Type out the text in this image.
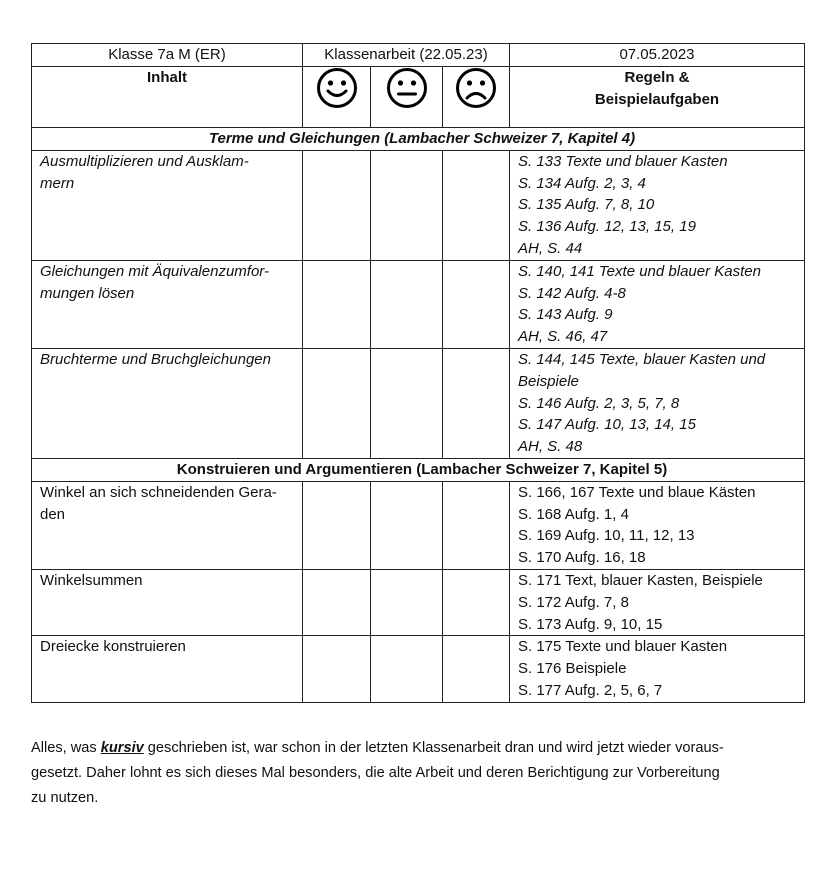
Klasse 7a M (ER)	Klassenarbeit (22.05.23)			07.05.2023
Inhalt				Regeln &
Beispielaufgaben

Terme und Gleichungen (Lambacher Schweizer 7, Kapitel 4)				

Ausmultiplizieren und Ausklam-
mern				S. 133 Texte und blauer Kasten
S. 134 Aufg. 2, 3, 4
S. 135 Aufg. 7, 8, 10
S. 136 Aufg. 12, 13, 15, 19
AH, S. 44

Gleichungen mit Äquivalenzumfor-
mungen lösen				S. 140, 141 Texte und blauer Kasten
S. 142 Aufg. 4-8
S. 143 Aufg. 9
AH, S. 46, 47

Bruchterme und Bruchgleichungen				S. 144, 145 Texte, blauer Kasten und
Beispiele
S. 146 Aufg. 2, 3, 5, 7, 8
S. 147 Aufg. 10, 13, 14, 15
AH, S. 48

Konstruieren und Argumentieren (Lambacher Schweizer 7, Kapitel 5)				

Winkel an sich schneidenden Gera-
den				S. 166, 167 Texte und blaue Kästen
S. 168 Aufg. 1, 4
S. 169 Aufg. 10, 11, 12, 13
S. 170 Aufg. 16, 18

Winkelsummen				S. 171 Text, blauer Kasten, Beispiele
S. 172 Aufg. 7, 8
S. 173 Aufg. 9, 10, 15

Dreiecke konstruieren				S. 175 Texte und blauer Kasten
S. 176 Beispiele
S. 177 Aufg. 2, 5, 6, 7
Alles, was kursiv geschrieben ist, war schon in der letzten Klassenarbeit dran und wird jetzt wieder voraus-
gesetzt. Daher lohnt es sich dieses Mal besonders, die alte Arbeit und deren Berichtigung zur Vorbereitung
zu nutzen.
